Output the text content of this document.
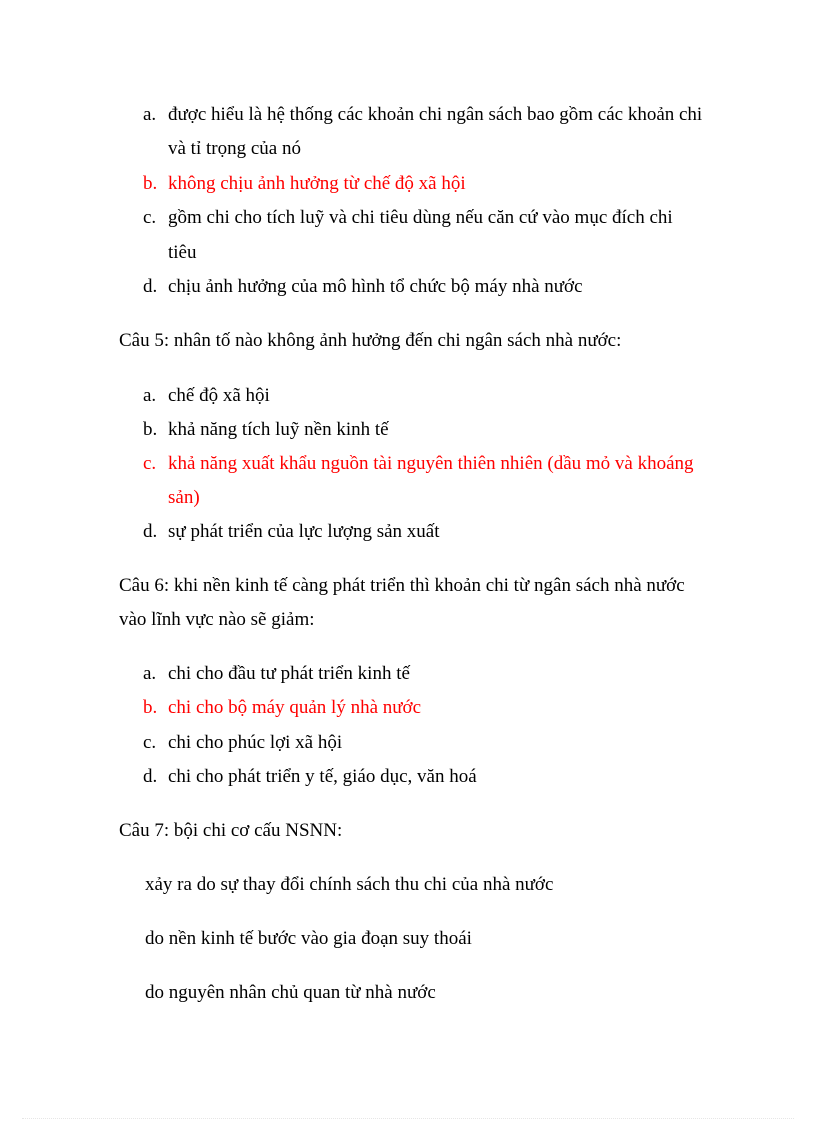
a. được hiểu là hệ thống các khoản chi ngân sách bao gồm các khoản chi
và tỉ trọng của nó
b. không chịu ảnh hưởng từ chế độ xã hội
c. gồm chi cho tích luỹ và chi tiêu dùng nếu căn cứ vào mục đích chi
tiêu
d. chịu ảnh hưởng của mô hình tổ chức bộ máy nhà nước
Câu 5: nhân tố nào không ảnh hưởng đến chi ngân sách nhà nước:
a. chế độ xã hội
b. khả năng tích luỹ nền kinh tế
c. khả năng xuất khẩu nguồn tài nguyên thiên nhiên (dầu mỏ và khoáng
sản)
d. sự phát triển của lực lượng sản xuất
Câu 6: khi nền kinh tế càng phát triển thì khoản chi từ ngân sách nhà nước
vào lĩnh vực nào sẽ giảm:
a. chi cho đầu tư phát triển kinh tế
b. chi cho bộ máy quản lý nhà nước
c. chi cho phúc lợi xã hội
d. chi cho phát triển y tế, giáo dục, văn hoá
Câu 7: bội chi cơ cấu NSNN:
xảy ra do sự thay đổi chính sách thu chi của nhà nước
do nền kinh tế bước vào gia đoạn suy thoái
do nguyên nhân chủ quan từ nhà nước
